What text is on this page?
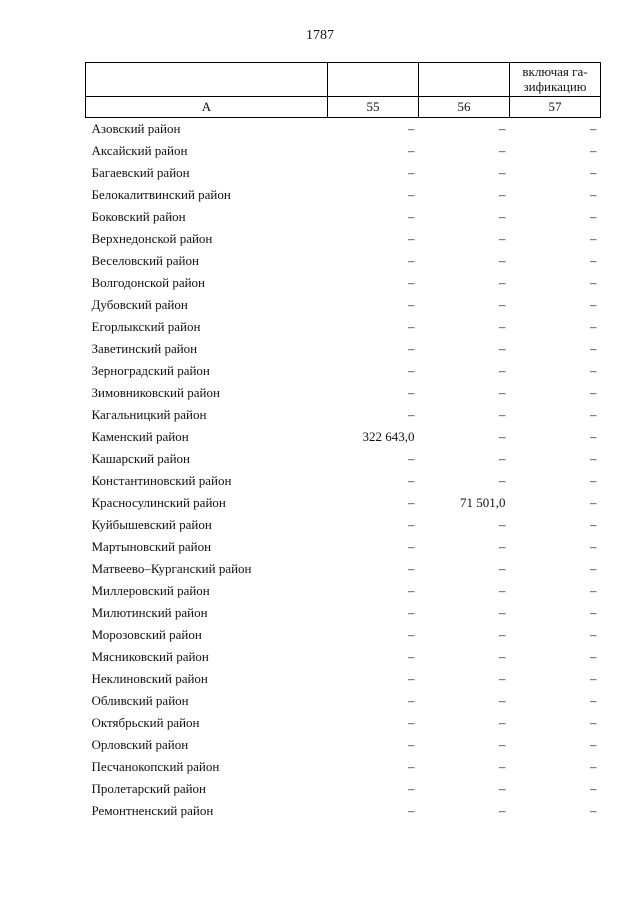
1787
			включая га-зификацию
А	55	56	57
Азовский район	–	–	–
Аксайский район	–	–	–
Багаевский район	–	–	–
Белокалитвинский район	–	–	–
Боковский район	–	–	–
Верхнедонской район	–	–	–
Веселовский район	–	–	–
Волгодонской район	–	–	–
Дубовский район	–	–	–
Егорлыкский район	–	–	–
Заветинский район	–	–	–
Зерноградский район	–	–	–
Зимовниковский район	–	–	–
Кагальницкий район	–	–	–
Каменский район	322 643,0	–	–
Кашарский район	–	–	–
Константиновский район	–	–	–
Красносулинский район	–	71 501,0	–
Куйбышевский район	–	–	–
Мартыновский район	–	–	–
Матвеево–Курганский район	–	–	–
Миллеровский район	–	–	–
Милютинский район	–	–	–
Морозовский район	–	–	–
Мясниковский район	–	–	–
Неклиновский район	–	–	–
Обливский район	–	–	–
Октябрьский район	–	–	–
Орловский район	–	–	–
Песчанокопский район	–	–	–
Пролетарский район	–	–	–
Ремонтненский район	–	–	–
